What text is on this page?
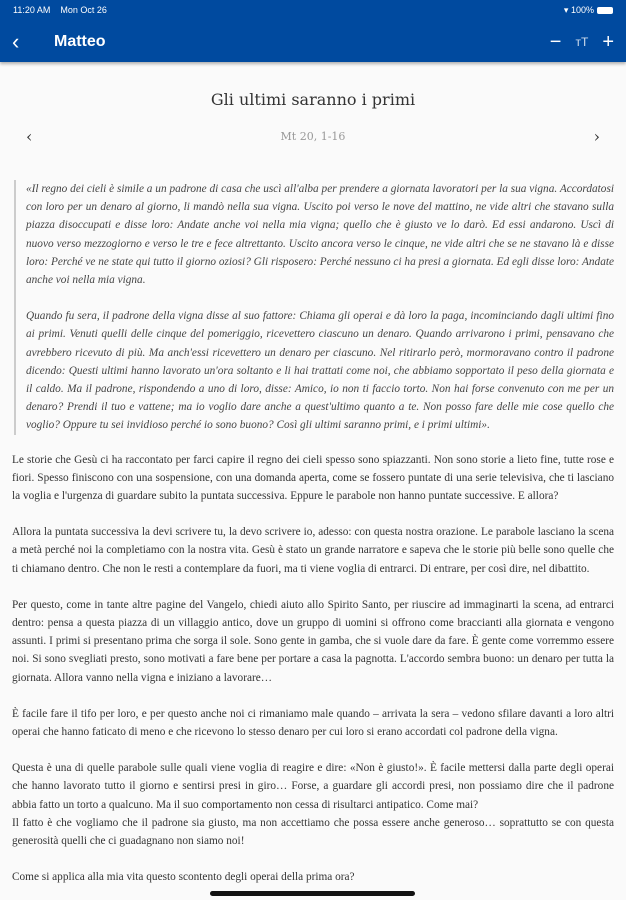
11:20 AM Mon Oct 26	▾ 100%
‹	Matteo	− ᴛT +
Gli ultimi saranno i primi
‹	Mt 20, 1-16	›

«Il regno dei cieli è simile a un padrone di casa che uscì all'alba per prendere a giornata lavoratori per la sua vigna. Accordatosi con loro per un denaro al giorno, li mandò nella sua vigna. Uscito poi verso le nove del mattino, ne vide altri che stavano sulla piazza disoccupati e disse loro: Andate anche voi nella mia vigna; quello che è giusto ve lo darò. Ed essi andarono. Uscì di nuovo verso mezzogiorno e verso le tre e fece altrettanto. Uscito ancora verso le cinque, ne vide altri che se ne stavano là e disse loro: Perché ve ne state qui tutto il giorno oziosi? Gli risposero: Perché nessuno ci ha presi a giornata. Ed egli disse loro: Andate anche voi nella mia vigna.

Quando fu sera, il padrone della vigna disse al suo fattore: Chiama gli operai e dà loro la paga, incominciando dagli ultimi fino ai primi. Venuti quelli delle cinque del pomeriggio, ricevettero ciascuno un denaro. Quando arrivarono i primi, pensavano che avrebbero ricevuto di più. Ma anch'essi ricevettero un denaro per ciascuno. Nel ritirarlo però, mormoravano contro il padrone dicendo: Questi ultimi hanno lavorato un'ora soltanto e li hai trattati come noi, che abbiamo sopportato il peso della giornata e il caldo. Ma il padrone, rispondendo a uno di loro, disse: Amico, io non ti faccio torto. Non hai forse convenuto con me per un denaro? Prendi il tuo e vattene; ma io voglio dare anche a quest'ultimo quanto a te. Non posso fare delle mie cose quello che voglio? Oppure tu sei invidioso perché io sono buono? Così gli ultimi saranno primi, e i primi ultimi».

Le storie che Gesù ci ha raccontato per farci capire il regno dei cieli spesso sono spiazzanti. Non sono storie a lieto fine, tutte rose e fiori. Spesso finiscono con una sospensione, con una domanda aperta, come se fossero puntate di una serie televisiva, che ti lasciano la voglia e l'urgenza di guardare subito la puntata successiva. Eppure le parabole non hanno puntate successive. E allora?

Allora la puntata successiva la devi scrivere tu, la devo scrivere io, adesso: con questa nostra orazione. Le parabole lasciano la scena a metà perché noi la completiamo con la nostra vita. Gesù è stato un grande narratore e sapeva che le storie più belle sono quelle che ti chiamano dentro. Che non le resti a contemplare da fuori, ma ti viene voglia di entrarci. Di entrare, per così dire, nel dibattito.

Per questo, come in tante altre pagine del Vangelo, chiedi aiuto allo Spirito Santo, per riuscire ad immaginarti la scena, ad entrarci dentro: pensa a questa piazza di un villaggio antico, dove un gruppo di uomini si offrono come braccianti alla giornata e vengono assunti. I primi si presentano prima che sorga il sole. Sono gente in gamba, che si vuole dare da fare. È gente come vorremmo essere noi. Si sono svegliati presto, sono motivati a fare bene per portare a casa la pagnotta. L'accordo sembra buono: un denaro per tutta la giornata. Allora vanno nella vigna e iniziano a lavorare…

È facile fare il tifo per loro, e per questo anche noi ci rimaniamo male quando – arrivata la sera – vedono sfilare davanti a loro altri operai che hanno faticato di meno e che ricevono lo stesso denaro per cui loro si erano accordati col padrone della vigna.

Questa è una di quelle parabole sulle quali viene voglia di reagire e dire: «Non è giusto!». È facile mettersi dalla parte degli operai che hanno lavorato tutto il giorno e sentirsi presi in giro… Forse, a guardare gli accordi presi, non possiamo dire che il padrone abbia fatto un torto a qualcuno. Ma il suo comportamento non cessa di risultarci antipatico. Come mai?

Il fatto è che vogliamo che il padrone sia giusto, ma non accettiamo che possa essere anche generoso… soprattutto se con questa generosità quelli che ci guadagnano non siamo noi!

Come si applica alla mia vita questo scontento degli operai della prima ora?
